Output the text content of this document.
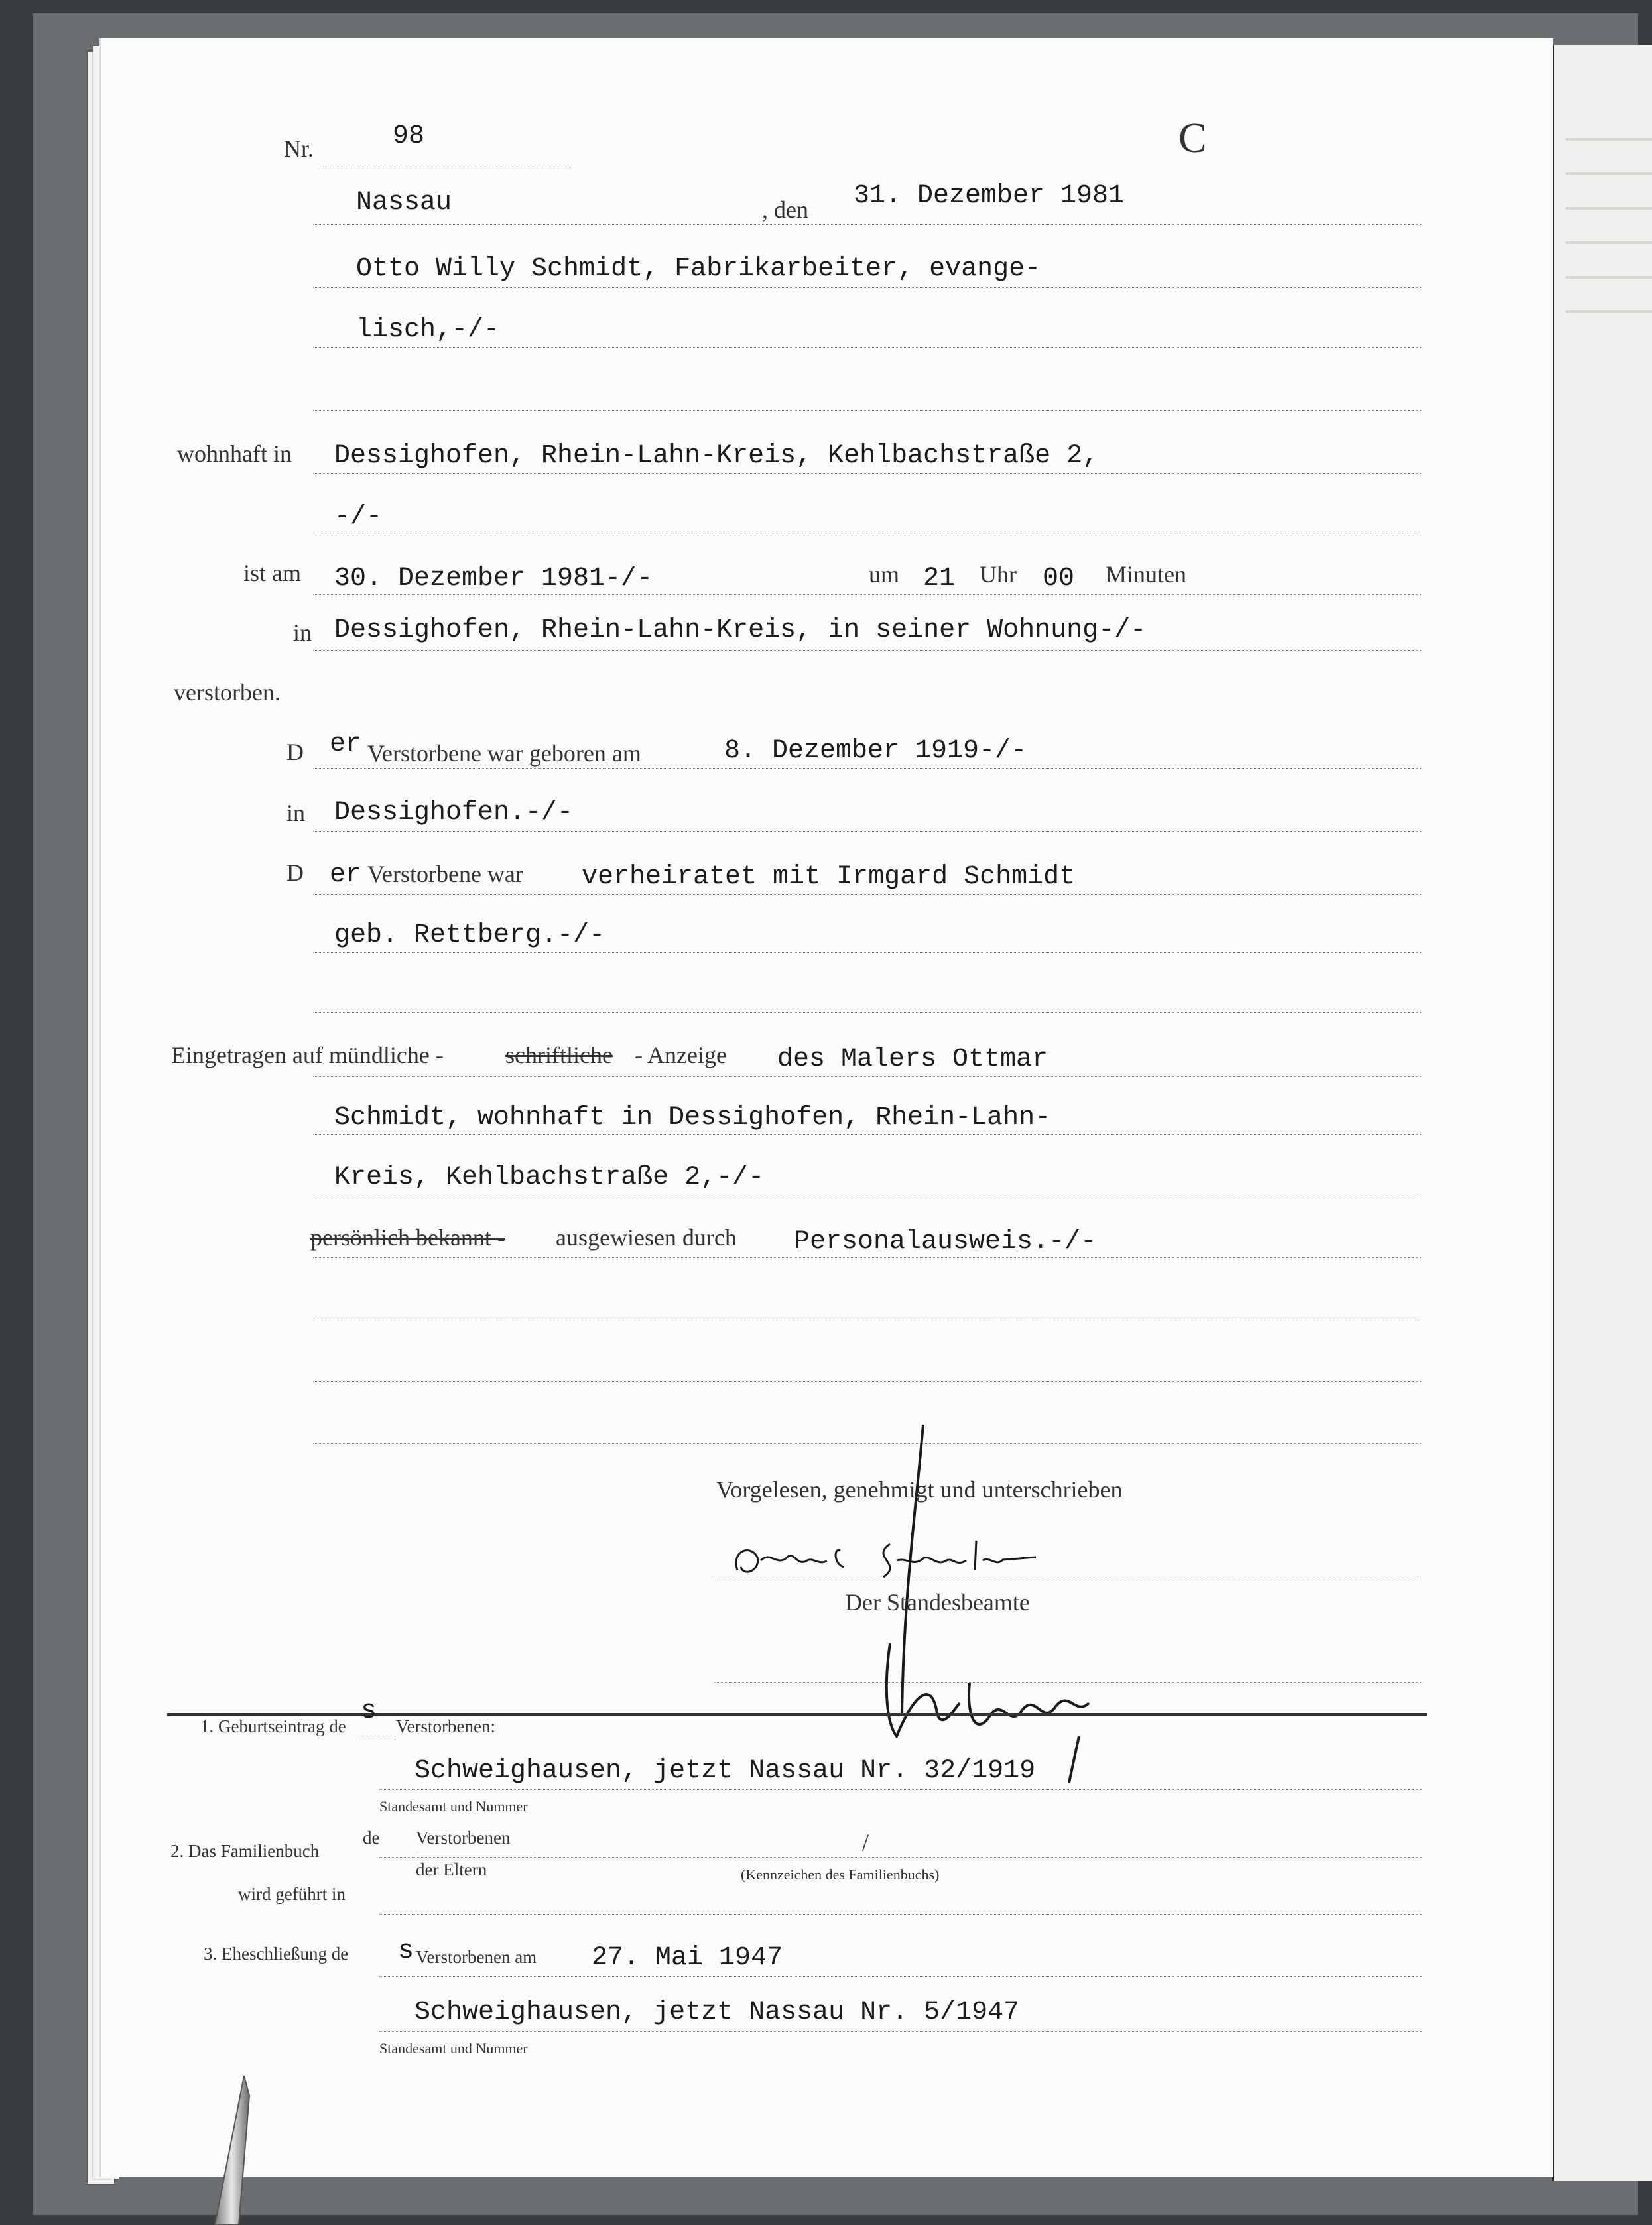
Nr.	98	C
Nassau	, den 31. Dezember 1981
Otto Willy Schmidt, Fabrikarbeiter, evange-
lisch,-/-
wohnhaft in Dessighofen, Rhein-Lahn-Kreis, Kehlbachstraße 2,
-/-
ist am 30. Dezember 1981-/-	um 21 Uhr 00 Minuten
in Dessighofen, Rhein-Lahn-Kreis, in seiner Wohnung-/-
verstorben.
D er Verstorbene war geboren am	8. Dezember 1919-/-
in Dessighofen.-/-
D er Verstorbene war verheiratet mit Irmgard Schmidt
geb. Rettberg.-/-
Eingetragen auf mündliche -	schriftliche - Anzeige des Malers Ottmar
Schmidt, wohnhaft in Dessighofen, Rhein-Lahn-
Kreis, Kehlbachstraße 2,-/-
persönlich bekannt - ausgewiesen durch Personalausweis.-/-
Vorgelesen, genehmigt und unterschrieben
Der Standesbeamte
1. Geburtseintrag de s Verstorbenen:
Schweighausen, jetzt Nassau Nr. 32/1919
Standesamt und Nummer
2. Das Familienbuch
de Verstorbenen	/
der Eltern	(Kennzeichen des Familienbuchs)
wird geführt in
3. Eheschließung de s Verstorbenen am 27. Mai 1947
Schweighausen, jetzt Nassau Nr. 5/1947
Standesamt und Nummer
